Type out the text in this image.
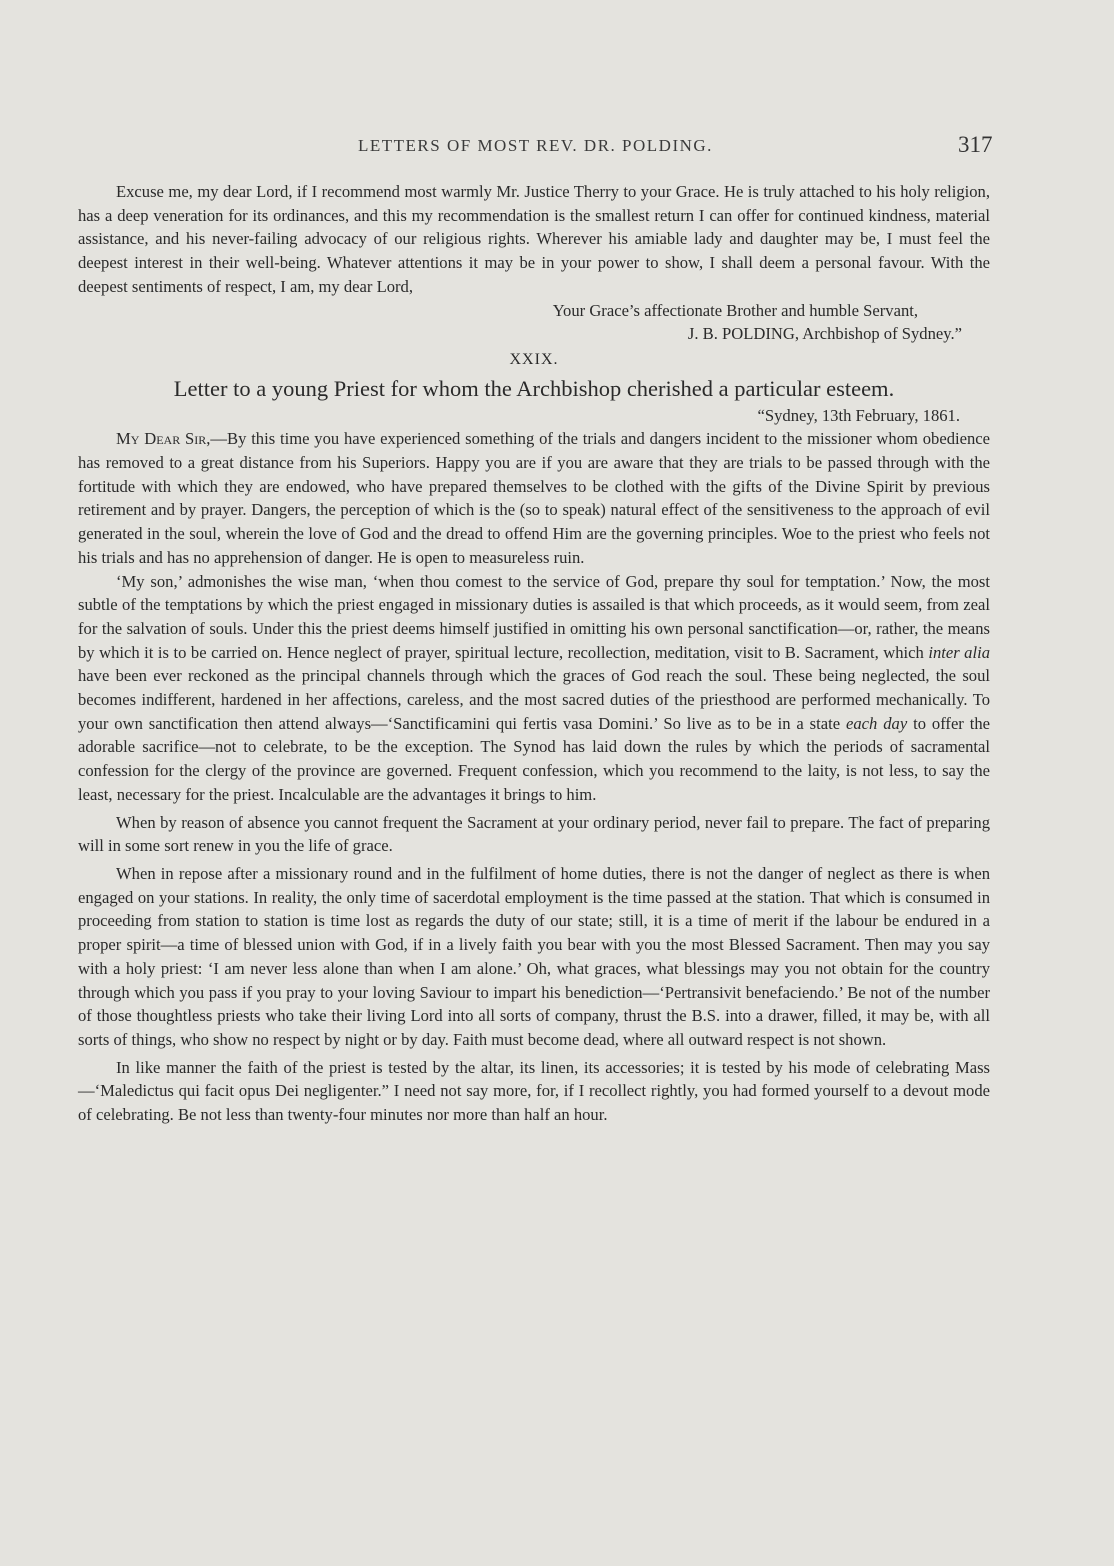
LETTERS OF MOST REV. DR. POLDING.	317

Excuse me, my dear Lord, if I recommend most warmly Mr. Justice Therry to your Grace. He is truly attached to his holy religion, has a deep veneration for its ordinances, and this my recommendation is the smallest return I can offer for continued kindness, material assistance, and his never-failing advocacy of our religious rights. Wherever his amiable lady and daughter may be, I must feel the deepest interest in their well-being. Whatever attentions it may be in your power to show, I shall deem a personal favour. With the deepest sentiments of respect, I am, my dear Lord,

Your Grace’s affectionate Brother and humble Servant,

J. B. POLDING, Archbishop of Sydney.”

XXIX.

Letter to a young Priest for whom the Archbishop cherished a particular esteem.

“Sydney, 13th February, 1861.

My Dear Sir,—By this time you have experienced something of the trials and dangers incident to the missioner whom obedience has removed to a great distance from his Superiors. Happy you are if you are aware that they are trials to be passed through with the fortitude with which they are endowed, who have prepared themselves to be clothed with the gifts of the Divine Spirit by previous retirement and by prayer. Dangers, the perception of which is the (so to speak) natural effect of the sensitiveness to the approach of evil generated in the soul, wherein the love of God and the dread to offend Him are the governing principles. Woe to the priest who feels not his trials and has no apprehension of danger. He is open to measureless ruin.

‘My son,’ admonishes the wise man, ‘when thou comest to the service of God, prepare thy soul for temptation.’ Now, the most subtle of the temptations by which the priest engaged in missionary duties is assailed is that which proceeds, as it would seem, from zeal for the salvation of souls. Under this the priest deems himself justified in omitting his own personal sanctification—or, rather, the means by which it is to be carried on. Hence neglect of prayer, spiritual lecture, recollection, meditation, visit to B. Sacrament, which inter alia have been ever reckoned as the principal channels through which the graces of God reach the soul. These being neglected, the soul becomes indifferent, hardened in her affections, careless, and the most sacred duties of the priesthood are performed mechanically. To your own sanctification then attend always—‘Sanctificamini qui fertis vasa Domini.’ So live as to be in a state each day to offer the adorable sacrifice—not to celebrate, to be the exception. The Synod has laid down the rules by which the periods of sacramental confession for the clergy of the province are governed. Frequent confession, which you recommend to the laity, is not less, to say the least, necessary for the priest. Incalculable are the advantages it brings to him.

When by reason of absence you cannot frequent the Sacrament at your ordinary period, never fail to prepare. The fact of preparing will in some sort renew in you the life of grace.

When in repose after a missionary round and in the fulfilment of home duties, there is not the danger of neglect as there is when engaged on your stations. In reality, the only time of sacerdotal employment is the time passed at the station. That which is consumed in proceeding from station to station is time lost as regards the duty of our state; still, it is a time of merit if the labour be endured in a proper spirit—a time of blessed union with God, if in a lively faith you bear with you the most Blessed Sacrament. Then may you say with a holy priest: ‘I am never less alone than when I am alone.’ Oh, what graces, what blessings may you not obtain for the country through which you pass if you pray to your loving Saviour to impart his benediction—‘Pertransivit benefaciendo.’ Be not of the number of those thoughtless priests who take their living Lord into all sorts of company, thrust the B.S. into a drawer, filled, it may be, with all sorts of things, who show no respect by night or by day. Faith must become dead, where all outward respect is not shown.

In like manner the faith of the priest is tested by the altar, its linen, its accessories; it is tested by his mode of celebrating Mass—‘Maledictus qui facit opus Dei negligenter.” I need not say more, for, if I recollect rightly, you had formed yourself to a devout mode of celebrating. Be not less than twenty-four minutes nor more than half an hour.
